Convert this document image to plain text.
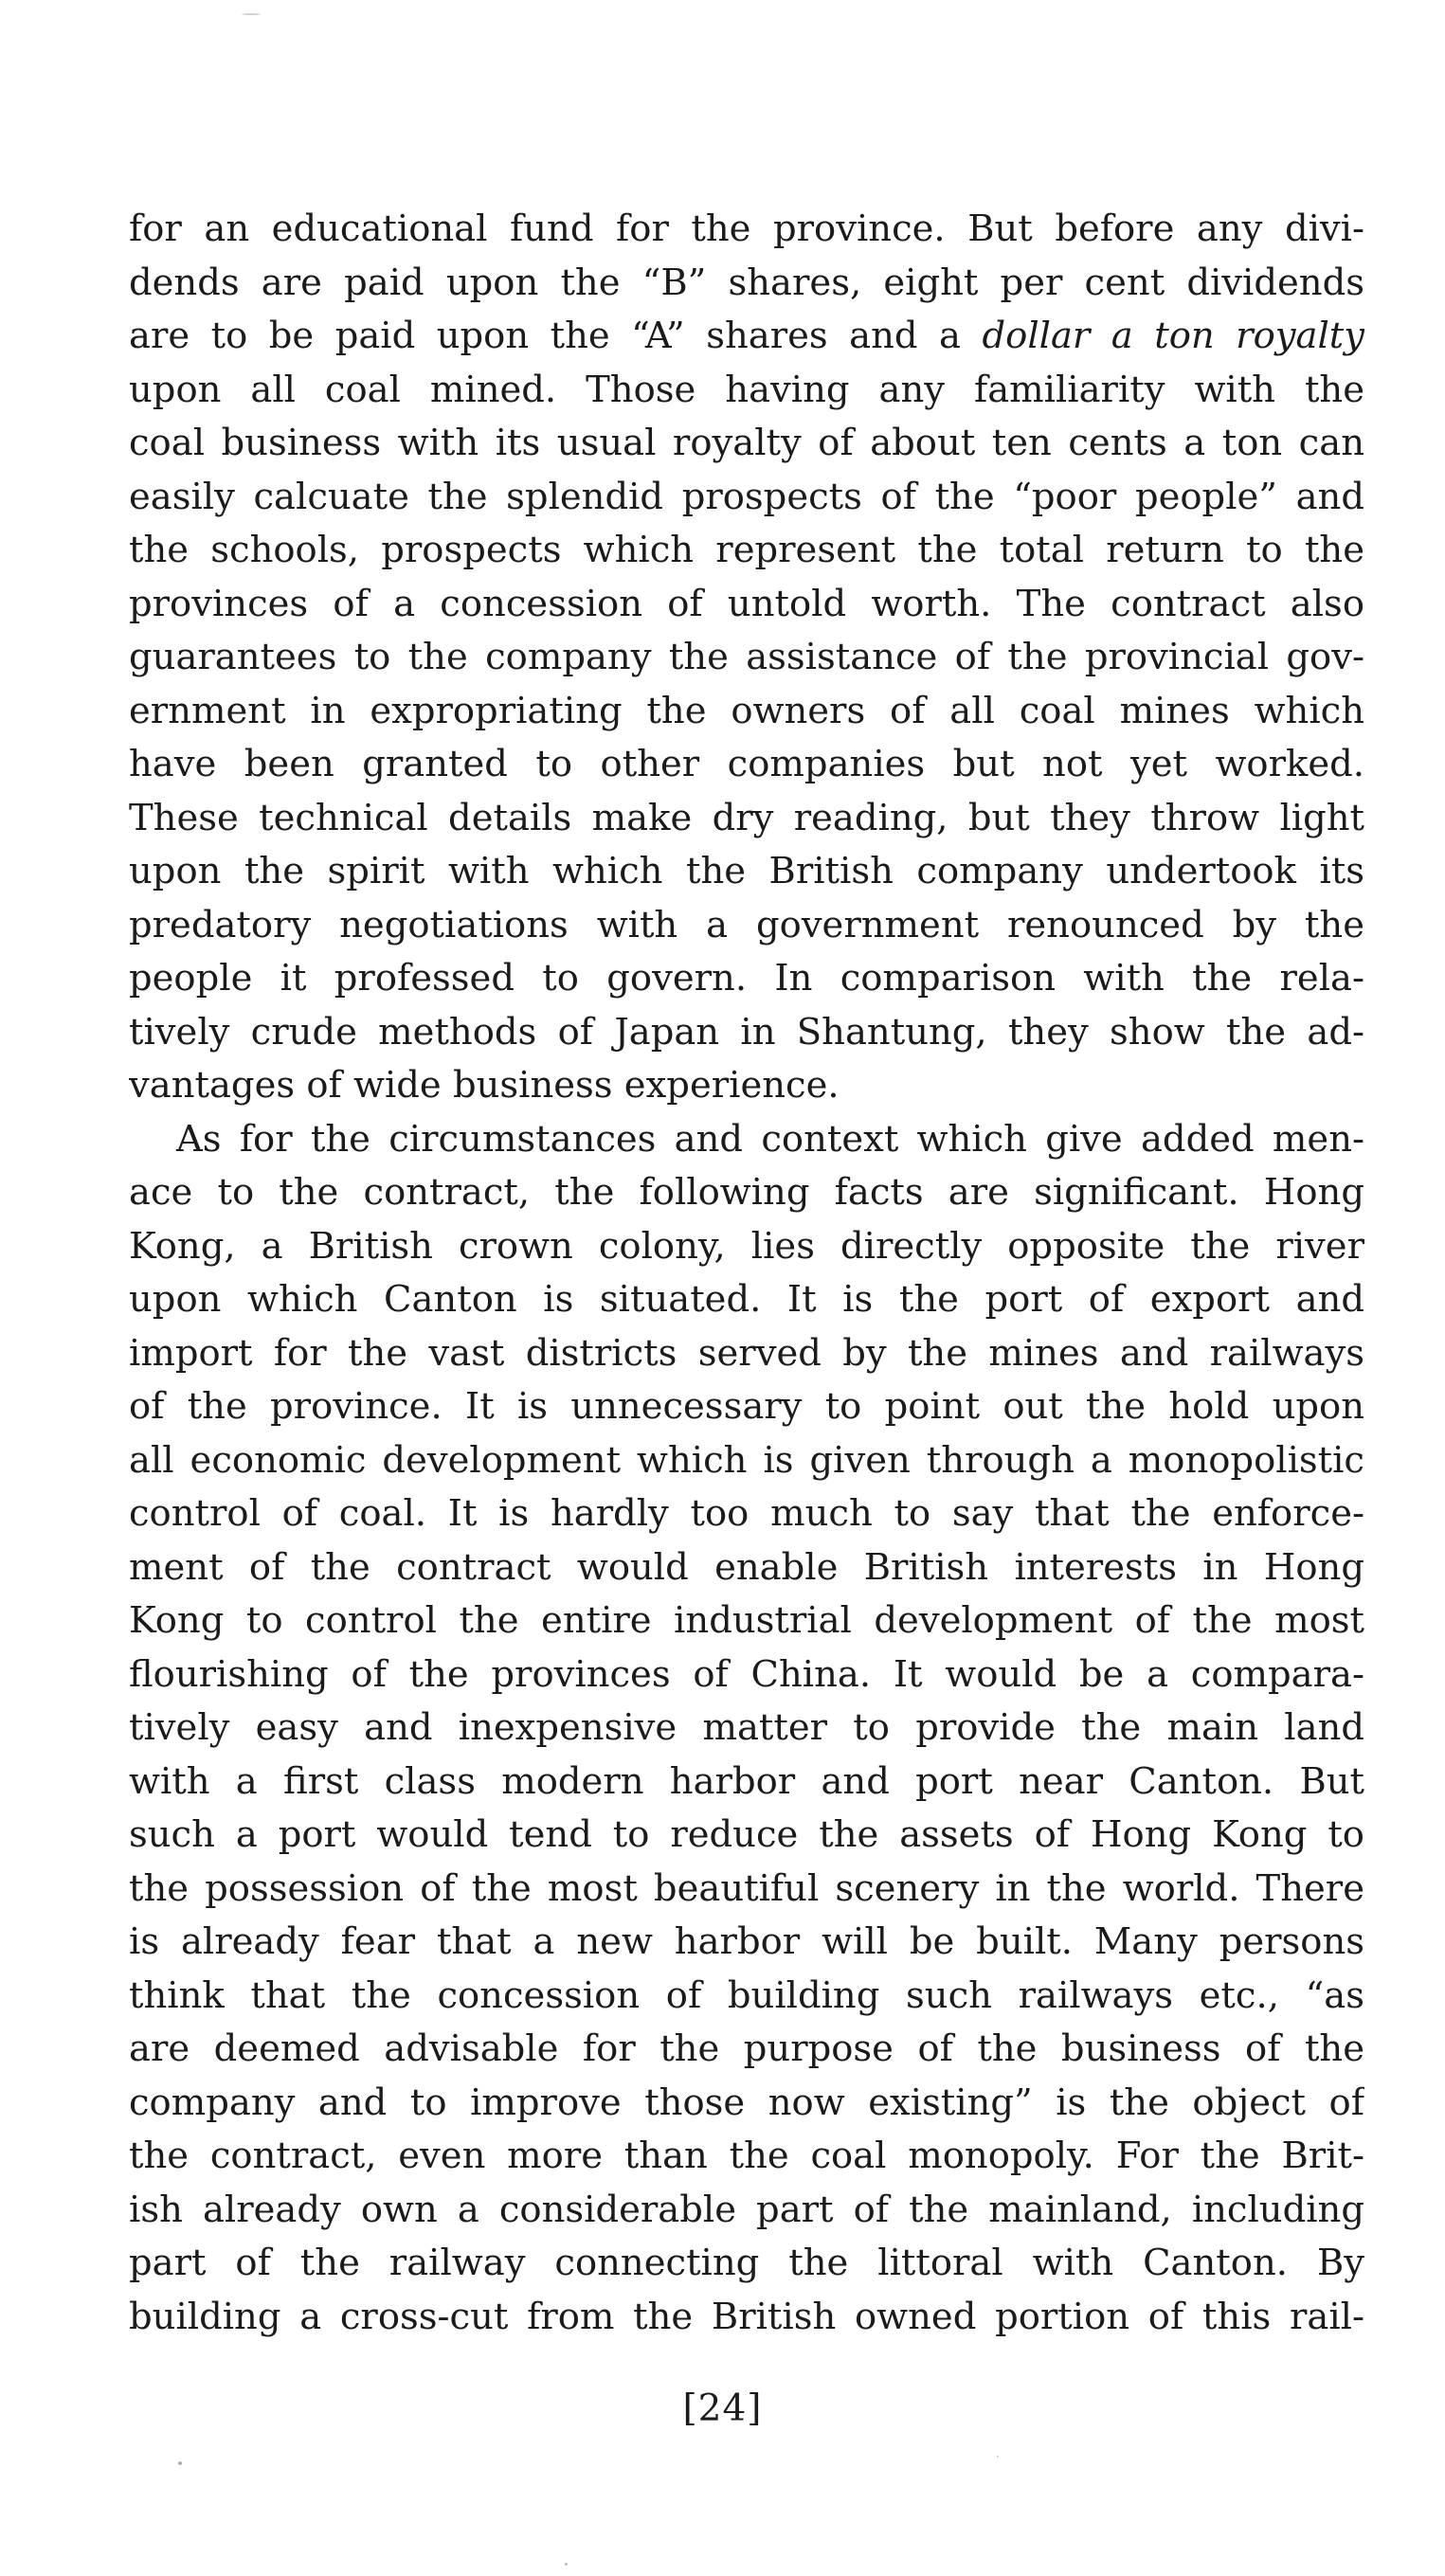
for an educational fund for the province. But before any divi-
dends are paid upon the “B” shares, eight per cent dividends
are to be paid upon the “A” shares and a dollar a ton royalty
upon all coal mined. Those having any familiarity with the
coal business with its usual royalty of about ten cents a ton can
easily calcuate the splendid prospects of the “poor people” and
the schools, prospects which represent the total return to the
provinces of a concession of untold worth. The contract also
guarantees to the company the assistance of the provincial gov-
ernment in expropriating the owners of all coal mines which
have been granted to other companies but not yet worked.
These technical details make dry reading, but they throw light
upon the spirit with which the British company undertook its
predatory negotiations with a government renounced by the
people it professed to govern. In comparison with the rela-
tively crude methods of Japan in Shantung, they show the ad-
vantages of wide business experience.
As for the circumstances and context which give added men-
ace to the contract, the following facts are significant. Hong
Kong, a British crown colony, lies directly opposite the river
upon which Canton is situated. It is the port of export and
import for the vast districts served by the mines and railways
of the province. It is unnecessary to point out the hold upon
all economic development which is given through a monopolistic
control of coal. It is hardly too much to say that the enforce-
ment of the contract would enable British interests in Hong
Kong to control the entire industrial development of the most
flourishing of the provinces of China. It would be a compara-
tively easy and inexpensive matter to provide the main land
with a first class modern harbor and port near Canton. But
such a port would tend to reduce the assets of Hong Kong to
the possession of the most beautiful scenery in the world. There
is already fear that a new harbor will be built. Many persons
think that the concession of building such railways etc., “as
are deemed advisable for the purpose of the business of the
company and to improve those now existing” is the object of
the contract, even more than the coal monopoly. For the Brit-
ish already own a considerable part of the mainland, including
part of the railway connecting the littoral with Canton. By
building a cross-cut from the British owned portion of this rail-
[24]
